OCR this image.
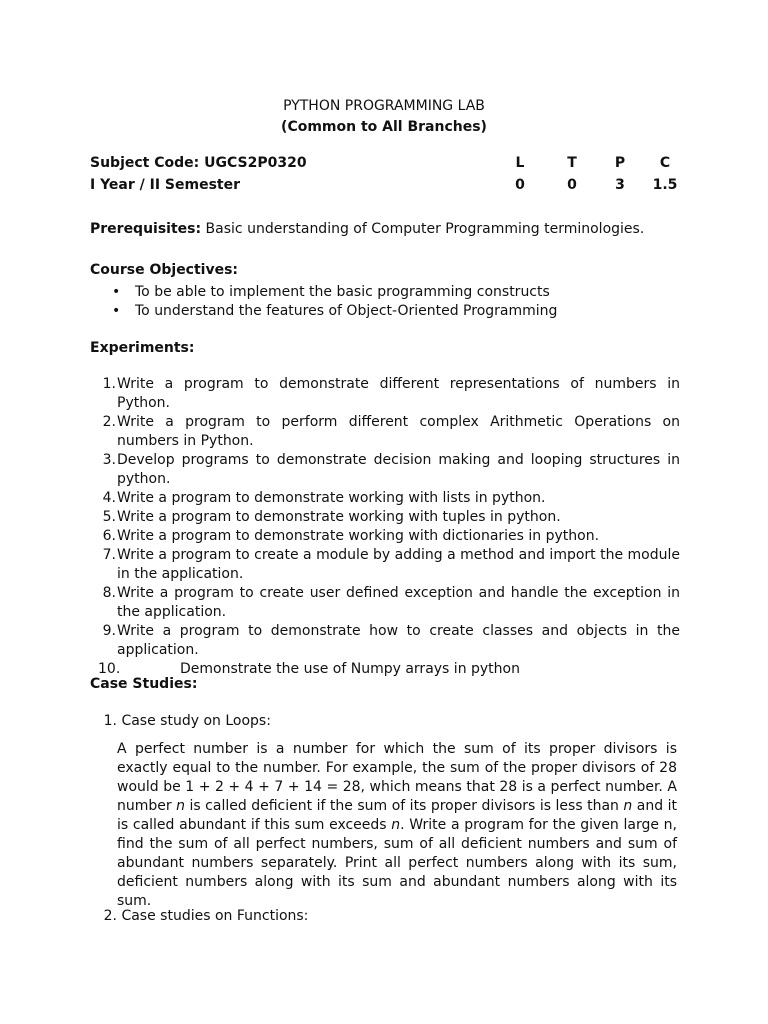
PYTHON PROGRAMMING LAB
(Common to All Branches)
Subject Code: UGCS2P0320
I Year / II Semester
L	T	P	C
0	0	3	1.5
Prerequisites: Basic understanding of Computer Programming terminologies.
Course Objectives:
• To be able to implement the basic programming constructs
• To understand the features of Object-Oriented Programming
Experiments:
1. Write a program to demonstrate different representations of numbers in Python.
2. Write a program to perform different complex Arithmetic Operations on numbers in Python.
3. Develop programs to demonstrate decision making and looping structures in python.
4. Write a program to demonstrate working with lists in python.
5. Write a program to demonstrate working with tuples in python.
6. Write a program to demonstrate working with dictionaries in python.
7. Write a program to create a module by adding a method and import the module in the application.
8. Write a program to create user defined exception and handle the exception in the application.
9. Write a program to demonstrate how to create classes and objects in the application.
10.	Demonstrate the use of Numpy arrays in python
Case Studies:
1. Case study on Loops:
A perfect number is a number for which the sum of its proper divisors is exactly equal to the number. For example, the sum of the proper divisors of 28 would be 1 + 2 + 4 + 7 + 14 = 28, which means that 28 is a perfect number. A number n is called deficient if the sum of its proper divisors is less than n and it is called abundant if this sum exceeds n. Write a program for the given large n, find the sum of all perfect numbers, sum of all deficient numbers and sum of abundant numbers separately. Print all perfect numbers along with its sum, deficient numbers along with its sum and abundant numbers along with its sum.
2. Case studies on Functions:
